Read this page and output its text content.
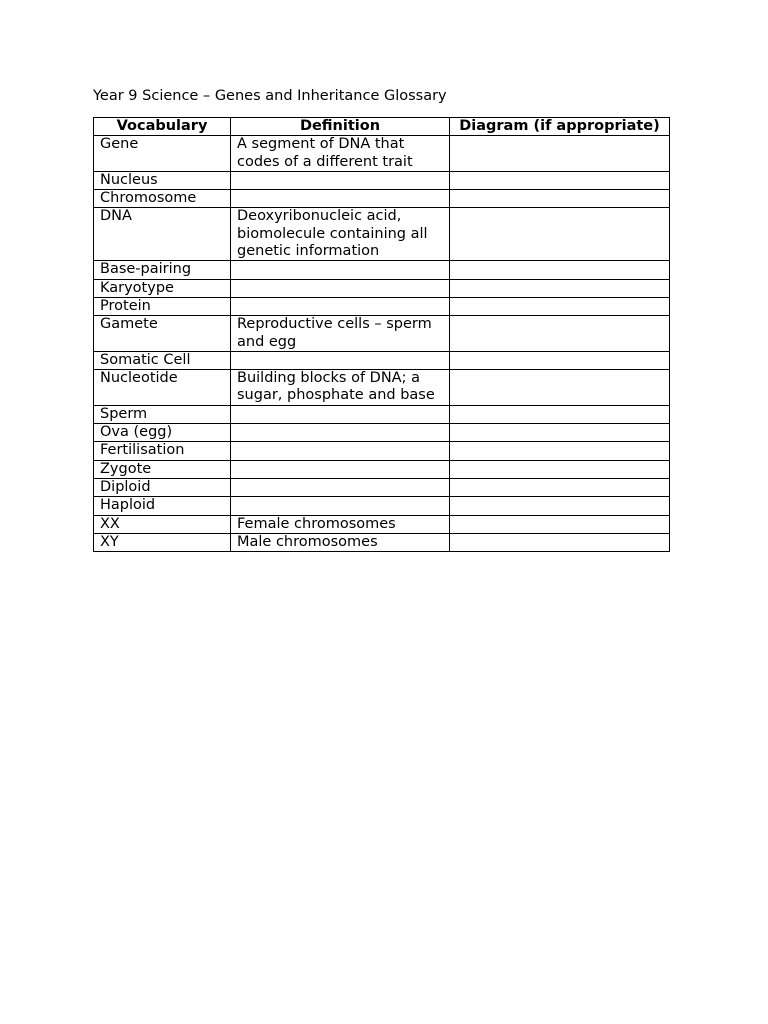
Year 9 Science – Genes and Inheritance Glossary
Vocabulary	Definition	Diagram (if appropriate)
Gene	A segment of DNA that codes of a different trait	
Nucleus		
Chromosome		
DNA	Deoxyribonucleic acid, biomolecule containing all genetic information	
Base-pairing		
Karyotype		
Protein		
Gamete	Reproductive cells – sperm and egg	
Somatic Cell		
Nucleotide	Building blocks of DNA; a sugar, phosphate and base	
Sperm		
Ova (egg)		
Fertilisation		
Zygote		
Diploid		
Haploid		
XX	Female chromosomes	
XY	Male chromosomes	
